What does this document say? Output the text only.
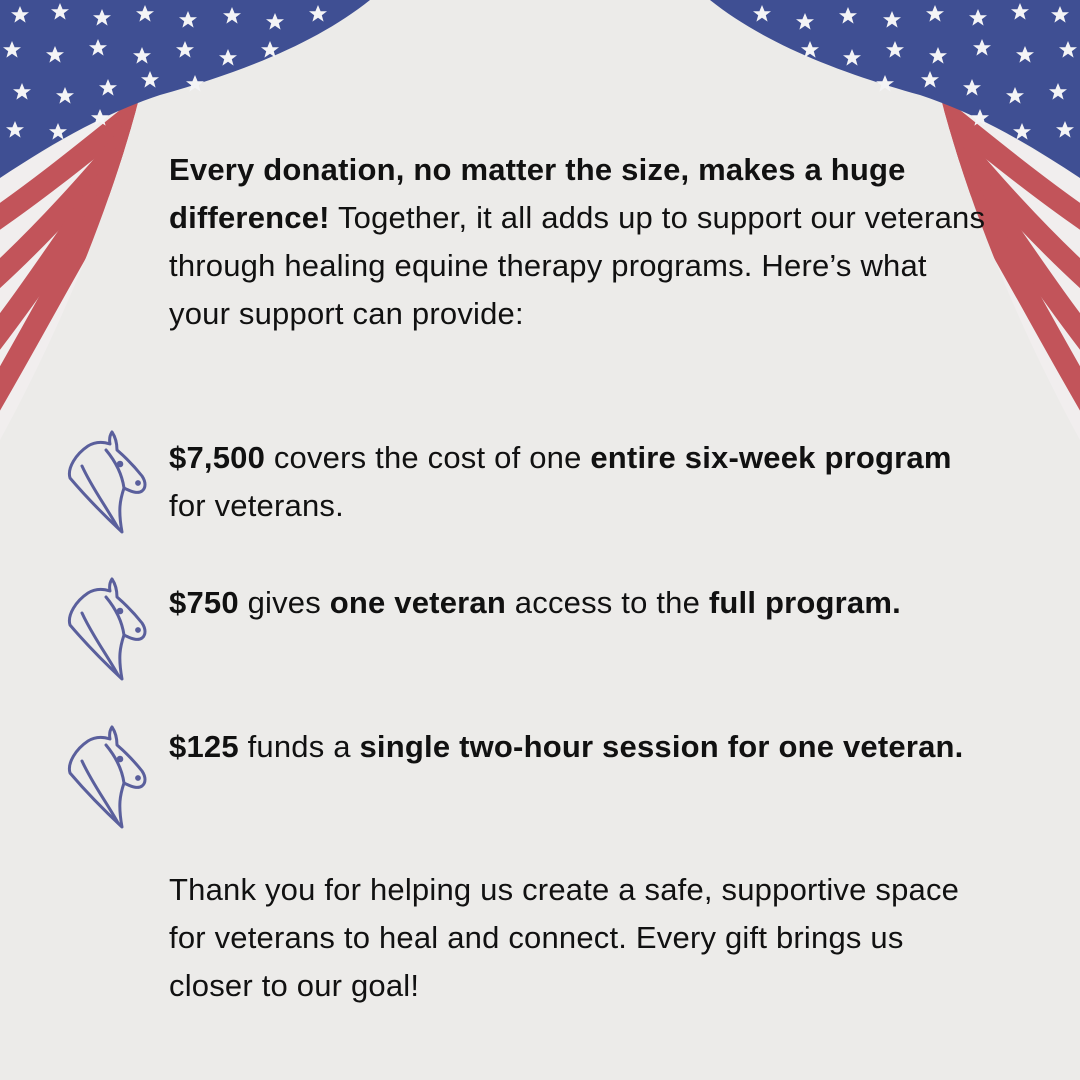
Every donation, no matter the size, makes a huge difference! Together, it all adds up to support our veterans through healing equine therapy programs. Here’s what your support can provide:

$7,500 covers the cost of one entire six-week program for veterans.

$750 gives one veteran access to the full program.

$125 funds a single two-hour session for one veteran.

Thank you for helping us create a safe, supportive space for veterans to heal and connect. Every gift brings us closer to our goal!
